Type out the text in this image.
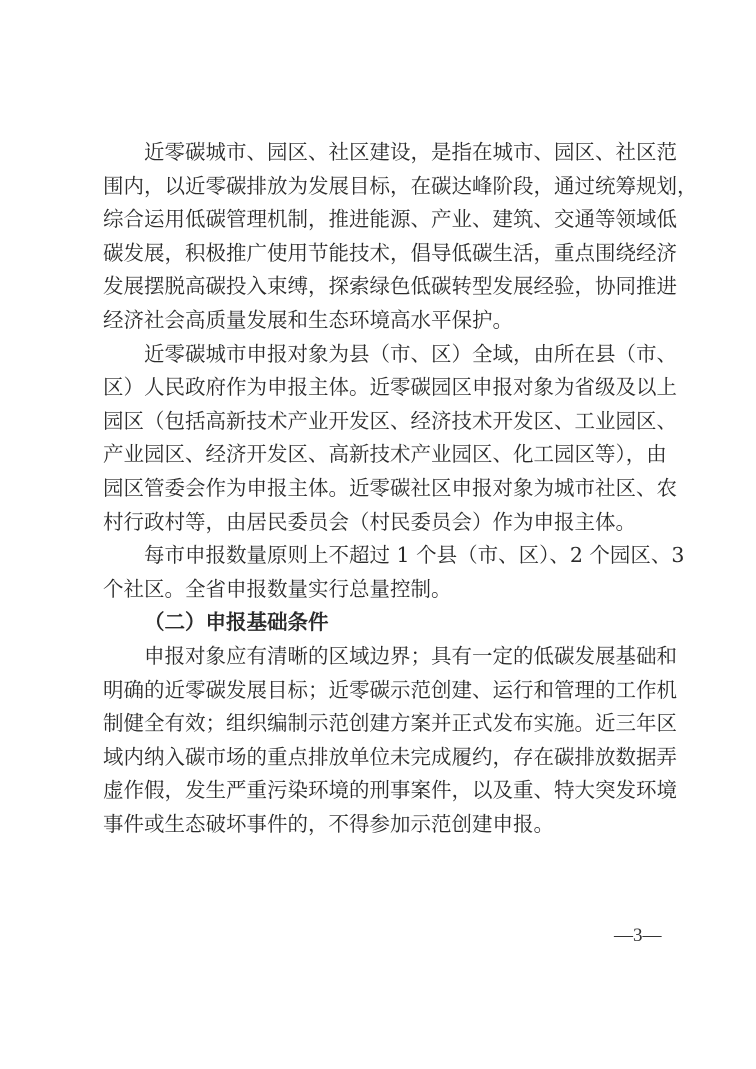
近零碳城市、园区、社区建设，是指在城市、园区、社区范
围内，以近零碳排放为发展目标，在碳达峰阶段，通过统筹规划，
综合运用低碳管理机制，推进能源、产业、建筑、交通等领域低
碳发展，积极推广使用节能技术，倡导低碳生活，重点围绕经济
发展摆脱高碳投入束缚，探索绿色低碳转型发展经验，协同推进
经济社会高质量发展和生态环境高水平保护。
近零碳城市申报对象为县（市、区）全域，由所在县（市、
区）人民政府作为申报主体。近零碳园区申报对象为省级及以上
园区（包括高新技术产业开发区、经济技术开发区、工业园区、
产业园区、经济开发区、高新技术产业园区、化工园区等），由
园区管委会作为申报主体。近零碳社区申报对象为城市社区、农
村行政村等，由居民委员会（村民委员会）作为申报主体。
每市申报数量原则上不超过 1 个县（市、区）、2 个园区、3
个社区。全省申报数量实行总量控制。
（二）申报基础条件
申报对象应有清晰的区域边界；具有一定的低碳发展基础和
明确的近零碳发展目标；近零碳示范创建、运行和管理的工作机
制健全有效；组织编制示范创建方案并正式发布实施。近三年区
域内纳入碳市场的重点排放单位未完成履约，存在碳排放数据弄
虚作假，发生严重污染环境的刑事案件，以及重、特大突发环境
事件或生态破坏事件的，不得参加示范创建申报。
—3—
